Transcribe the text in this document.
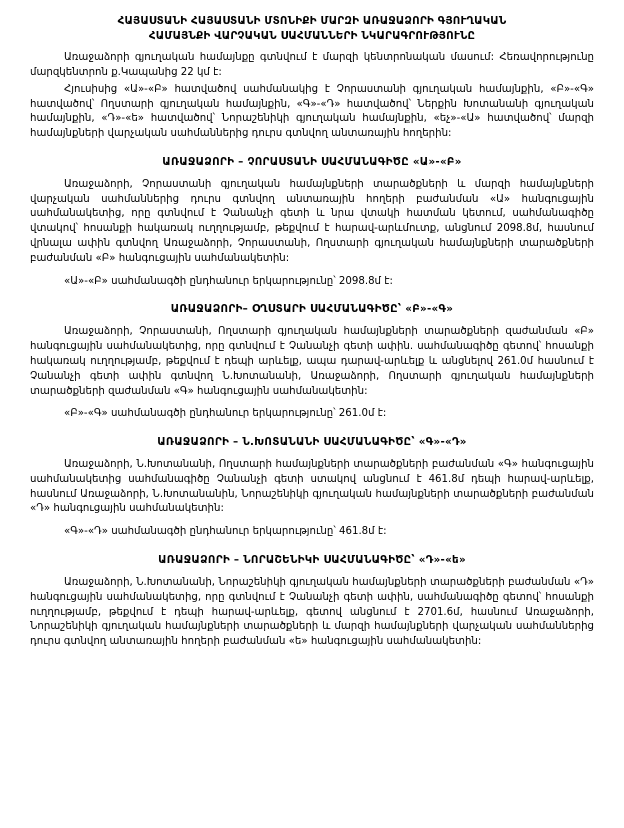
ՀԱՅԱՍՏԱՆԻ ՀԱՅԱՍՏԱՆԻ ՄՏՈՆԻՔԻ ՄԱՐԶԻ ԱՌԱՋԱՁՈՐԻ ԳՅՈՒՂԱԿԱՆ
ՀԱՄԱՅՆՔԻ ՎԱՐՉԱԿԱՆ ՍԱՀՄԱՆՆԵՐԻ ՆԿԱՐԱԳՐՈՒԹՅՈՒՆԸ

Առաջաձորի գյուղական համայնքը գտնվում է մարզի կենտրոնական մասում: Հեռավորությունը մարզկենտրոն ք.Կապանից 22 կմ է:

Հյուսիսից «Ա»-«Բ» հատվածով սահմանակից է Չորաստանի գյուղական համայնքին, «Բ»-«Գ» հատվածով՝ Ողստարի գյուղական համայնքին, «Գ»-«Դ» հատվածով՝ Ներքին Խոտանանի գյուղական համայնքին, «Դ»-«ե» հատվածով՝ Նորաշենիկի գյուղական համայնքին, «եչ»-«Ա» հատվածով՝ մարզի համայնքների վարչական սահմաններից դուրս գտնվող անտառային հողերին:

ԱՌԱՋԱՁՈՐԻ – ՉՈՐԱՍՏԱՆԻ ՍԱՀՄԱՆԱԳԻԾԸ «Ա»-«Բ»

Առաջաձորի, Չորաստանի գյուղական համայնքների տարածքների և մարզի համայնքների վարչական սահմաններից դուրս գտնվող անտառային հողերի բաժանման «Ա» հանգուցային սահմանակետից, որը գտնվում է Չանանչի գետի և նրա վտակի հատման կետում, սահմանագիծը վտակով՝ հոսանքի հակառակ ուղղությամբ, թեքվում է հարավ-արևմուտք, անցնում 2098.8մ, հասնում վրնալա ափին գտնվող Առաջաձորի, Չորաստանի, Ողստարի գյուղական համայնքների տարածքների բաժանման «Բ» հանգուցային սահմանակետին:

«Ա»-«Բ» սահմանագծի ընդհանուր երկարությունը՝ 2098.8մ է:

ԱՌԱՋԱՁՈՐԻ– ՕՂՍՏԱՐԻ ՍԱՀՄԱՆԱԳԻԾԸ՝ «Բ»-«Գ»

Առաջաձորի, Չորաստանի, Ողստարի գյուղական համայնքների տարածքների զաժանման «Բ» հանգուցային սահմանակետից, որը գտնվում է Չանանչի գետի ափին. սահմանագիծը գետով՝ հոսանքի հակառակ ուղղությամբ, թեքվում է դեպի արևելք, ապա դարավ-արևելք և անցնելով 261.0մ հասնում է Չանանչի գետի ափին գտնվող Ն.Խոտանանի, Առաջաձորի, Ողստարի գյուղական համայնքների տարածքների զաժանման «Գ» հանգուցային սահմանակետին:

«Բ»-«Գ» սահմանագծի ընդհանուր երկարությունը՝ 261.0մ է:

ԱՌԱՋԱՁՈՐԻ – Ն.ԽՈՏԱՆԱՆԻ ՍԱՀՄԱՆԱԳԻԾԸ՝ «Գ»-«Դ»

Առաջաձորի, Ն.Խոտանանի, Ողստարի համայնքների տարածքների բաժանման «Գ» հանգուցային սահմանակետից սահմանագիծը Չանանչի գետի ստակով անցնում է 461.8մ դեպի հարավ-արևելք, հասնում Առաջաձորի, Ն.Խոտանանին, Նորաշենիկի գյուղական համայնքների տարածքների բաժանման «Դ» հանգուցային սահմանակետին:

«Գ»-«Դ» սահմանագծի ընդհանուր երկարությունը՝ 461.8մ է:

ԱՌԱՋԱՁՈՐԻ – ՆՈՐԱՇԵՆԻԿԻ ՍԱՀՄԱՆԱԳԻԾԸ՝ «Դ»-«ե»

Առաջաձորի, Ն.Խոտանանի, Նորաշենիկի գյուղական համայնքների տարածքների բաժանման «Դ» հանգուցային սահմանակետից, որը գտնվում է Չանանչի գետի ափին, սահմանագիծը գետով՝ հոսանքի ուղղությամբ, թեքվում է դեպի հարավ-արևելք, գետով անցնում է 2701.6մ, հասնում Առաջաձորի, Նորաշենիկի գյուղական համայնքների տարածքների և մարզի համայնքների վարչական սահմաններից դուրս գտնվող անտառային հողերի բաժանման «ե» հանգուցային սահմանակետին:
